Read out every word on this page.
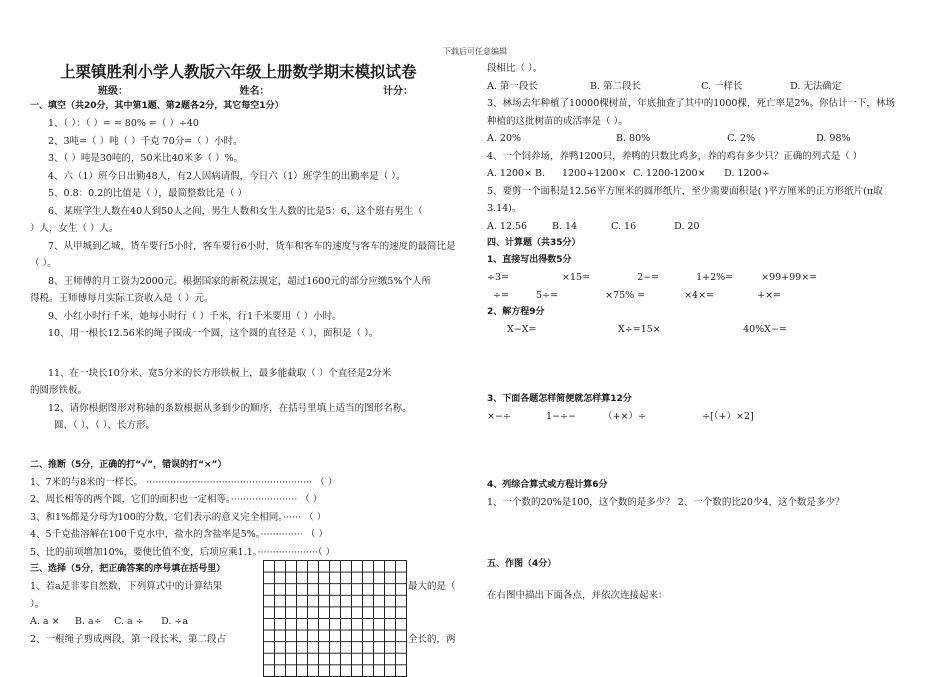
下载后可任意编辑
上栗镇胜利小学人教版六年级上册数学期末模拟试卷
班级：	姓名：	计分：
一、填空（共20分，其中第1题、第2题各2分，其它每空1分）
1、（ ）：（ ）= = 80% =（ ）÷40
2、3吨=（ ）吨（ ）千克 70分=（ ）小时。
3、（ ）吨是30吨的，50米比40米多（ ）%。
4、六（1）班今日出勤48人，有2人因病请假，今日六（1）班学生的出勤率是（ ）。
5、0.8：0.2的比值是（ ），最简整数比是（ ）
6、某班学生人数在40人到50人之间，男生人数和女生人数的比是5：6，这个班有男生（
）人，女生（ ）人。
7、从甲城到乙城，货车要行5小时，客车要行6小时，货车和客车的速度与客车的速度的最简比是
（ ）。
8、王师傅的月工资为2000元。根据国家的新税法规定，超过1600元的部分应缴5%个人所
得税。王师傅每月实际工资收入是（ ）元。
9、小红小时行千米，她每小时行（ ）千米，行1千米要用（ ）小时。
10、用一根长12.56米的绳子围成一个圆，这个圆的直径是（ ），面积是（ ）。
11、在一块长10分米、宽5分米的长方形铁板上，最多能截取（ ）个直径是2分米
的圆形铁板。
12、请你根据图形对称轴的条数根据从多到少的顺序，在括号里填上适当的图形名称。
圆、（ ）、（ ）、长方形。
二、推断（5分，正确的打“√”，错误的打“×”）
1、7米的与8米的一样长。 ······················································· （ ）
2、周长相等的两个圆，它们的面积也一定相等。······················ （ ）
3、和1%都是分母为100的分数，它们表示的意义完全相同。······ （ ）
4、5千克盐溶解在100千克水中，盐水的含盐率是5%。·············· （ ）
5、比的前项增加10%，要使比值不变，后项应乘1.1。····················（ ）
三、选择（5分，把正确答案的序号填在括号里）
1、若a是非零自然数，下列算式中的计算结果	最大的是（
）。
A. a × B. a÷ C. a ÷ D. ÷a
2、一根绳子剪成两段，第一段长米，第二段占	全长的，两
段相比（ ）。
A. 第一段长	B. 第二段长	C. 一样长	D. 无法确定
3、林场去年种植了10000棵树苗，年底抽查了其中的1000棵，死亡率是2%。你估计一下，林场
种植的这批树苗的成活率是（ ）。
A. 20%	B. 80%	C. 2%	D. 98%
4、一个饲养场，养鸭1200只，养鸭的只数比鸡多，养的鸡有多少只？正确的列式是（ ）
A. 1200× B. 1200+1200× C. 1200-1200× D. 1200÷
5、要剪一个面积是12.56平方厘米的圆形纸片，至少需要面积是( )平方厘米的正方形纸片(π取
3.14)。
A. 12.56	B. 14	C. 16	D. 20
四、计算题（共35分）
1、直接写出得数5分
÷3=	×15=	2−=	1+2%=	×99+99×=
÷=	5÷=	×75% =	×4×=	+×=
2、解方程9分
X−X=	X÷=15×	40%X−=
3、下面各题怎样简便就怎样算12分
×−÷	1−÷−	（+×）÷	÷[（+）×2]
4、列综合算式或方程计算6分
1、一个数的20%是100，这个数的是多少？ 2、一个数的比20少4，这个数是多少？
五、作图（4分）
在右图中描出下面各点，并依次连接起来：
